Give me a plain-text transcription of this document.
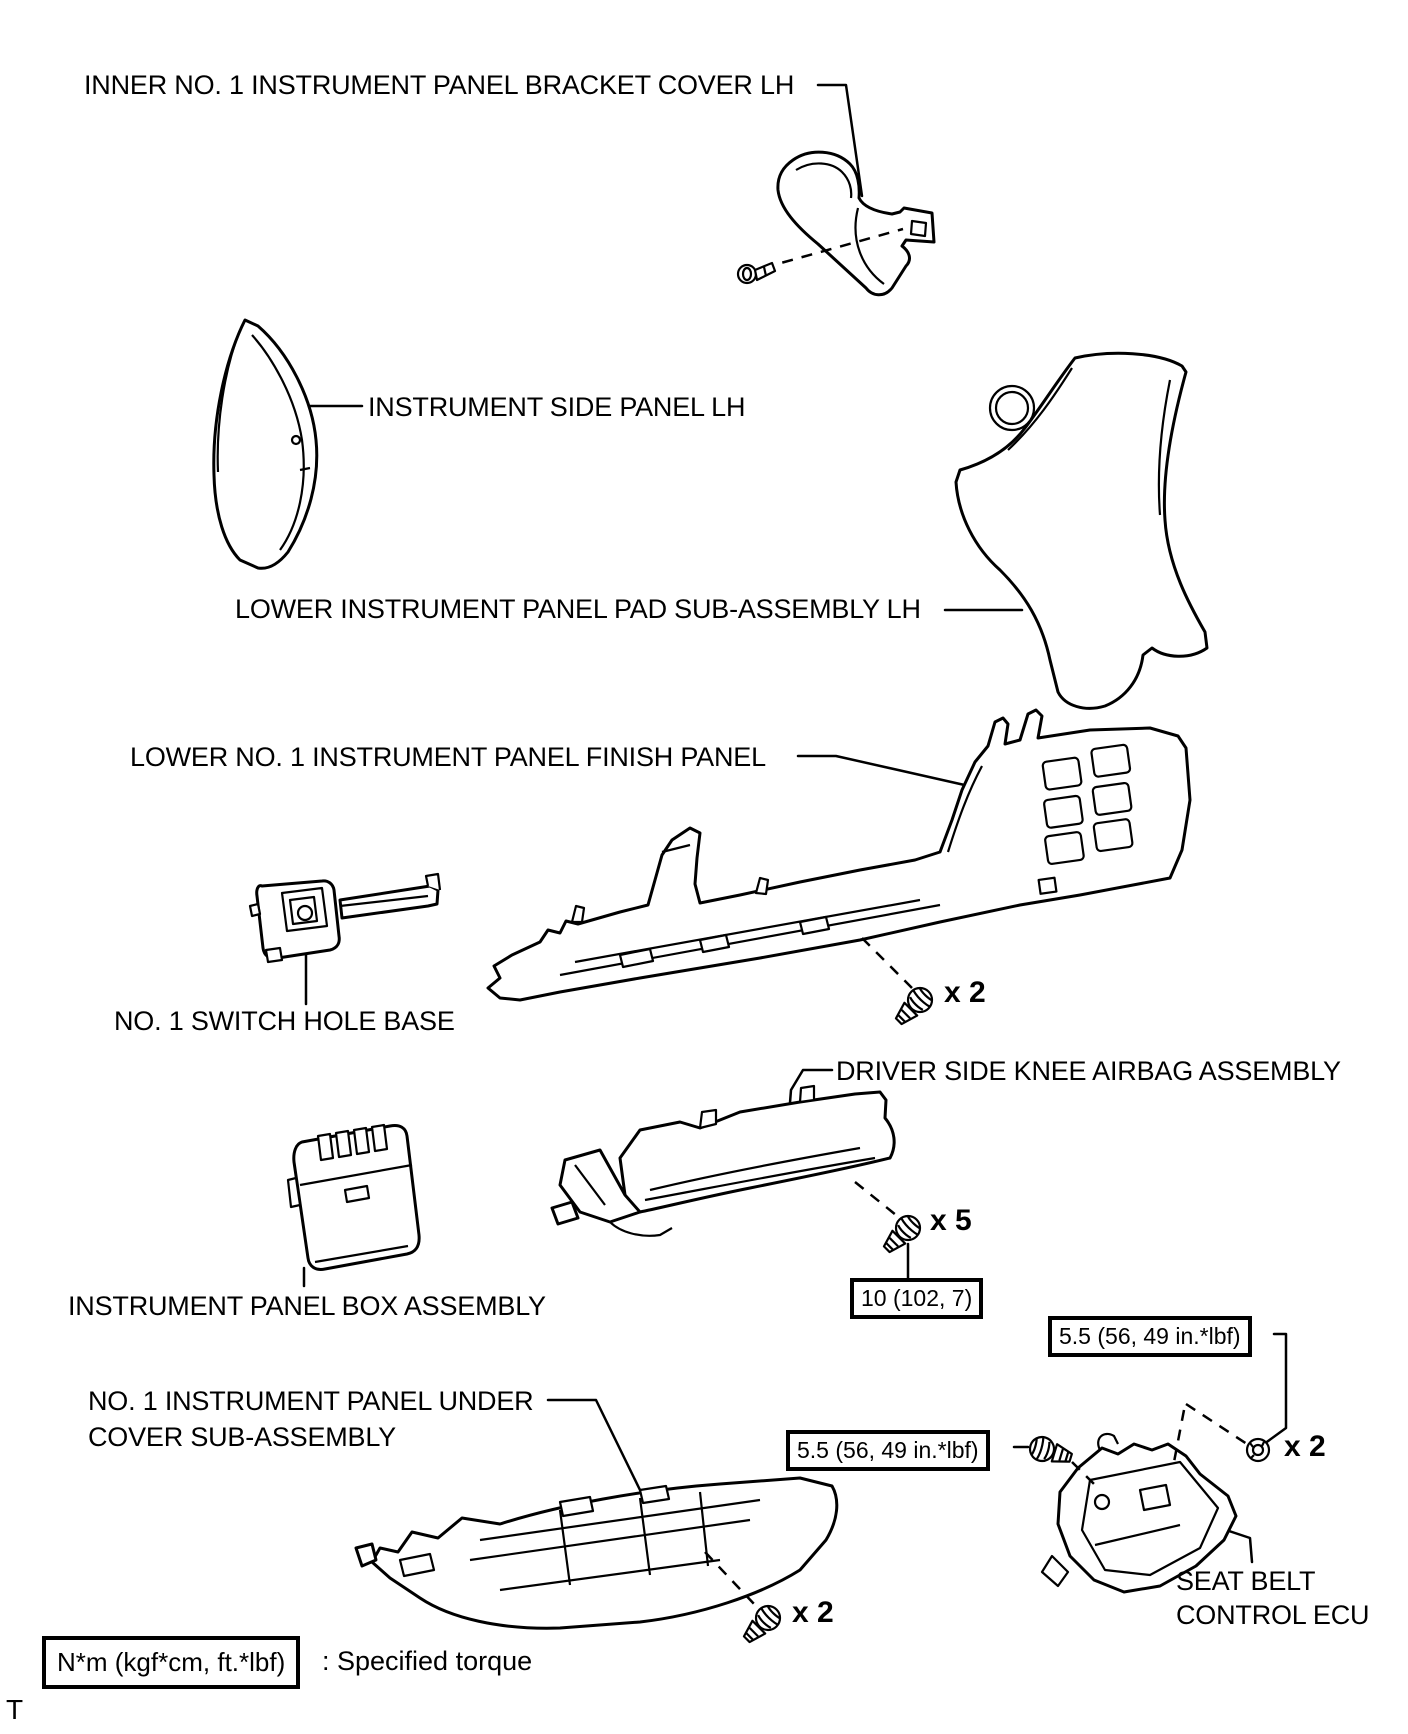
INNER NO. 1 INSTRUMENT PANEL BRACKET COVER LH
INSTRUMENT SIDE PANEL LH
LOWER INSTRUMENT PANEL PAD SUB-ASSEMBLY LH
LOWER NO. 1 INSTRUMENT PANEL FINISH PANEL
NO. 1 SWITCH HOLE BASE
DRIVER SIDE KNEE AIRBAG ASSEMBLY
INSTRUMENT PANEL BOX ASSEMBLY
NO. 1 INSTRUMENT PANEL UNDER
COVER SUB-ASSEMBLY
SEAT BELT
CONTROL ECU
x 2
x 5
x 2
x 2
10 (102, 7)
5.5 (56, 49 in.*lbf)
5.5 (56, 49 in.*lbf)
N*m (kgf*cm, ft.*lbf)	: Specified torque
T
